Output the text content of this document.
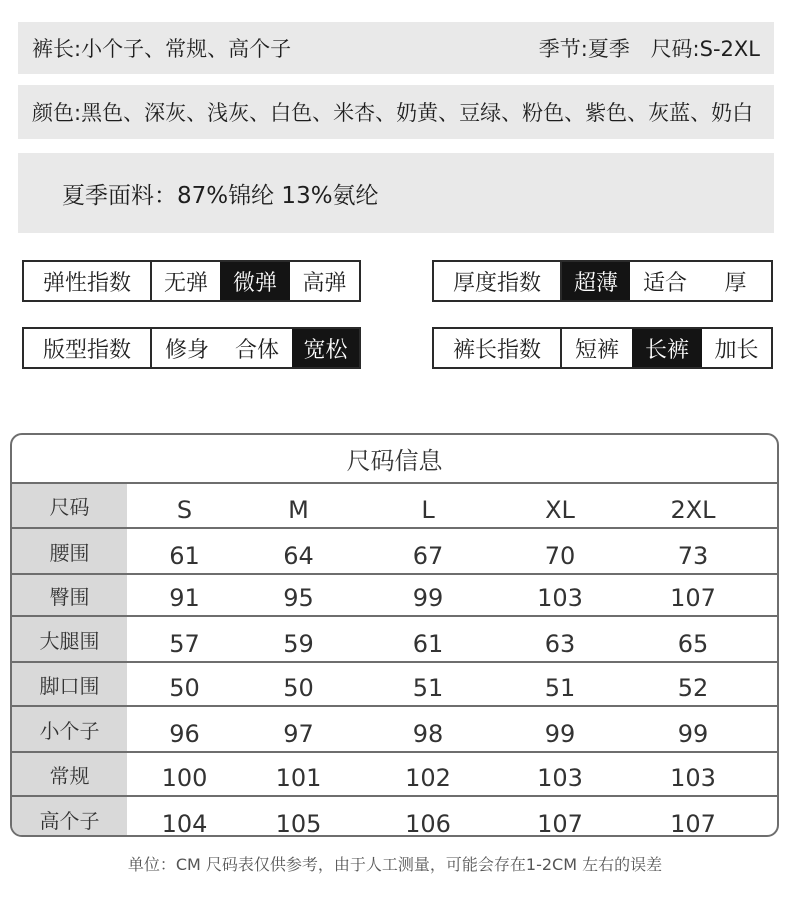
裤长:小个子、常规、高个子	季节:夏季 尺码:S-2XL
颜色:黑色、深灰、浅灰、白色、米杏、奶黄、豆绿、粉色、紫色、灰蓝、奶白
夏季面料：87%锦纶 13%氨纶
弹性指数	无弹	微弹	高弹	厚度指数	超薄	适合	厚
版型指数	修身	合体	宽松	裤长指数	短裤	长裤	加长
尺码信息
尺码	S	M	L	XL	2XL
腰围	61	64	67	70	73
臀围	91	95	99	103	107
大腿围	57	59	61	63	65
脚口围	50	50	51	51	52
小个子	96	97	98	99	99
常规	100	101	102	103	103
高个子	104	105	106	107	107
单位：CM 尺码表仅供参考，由于人工测量，可能会存在1-2CM 左右的误差
